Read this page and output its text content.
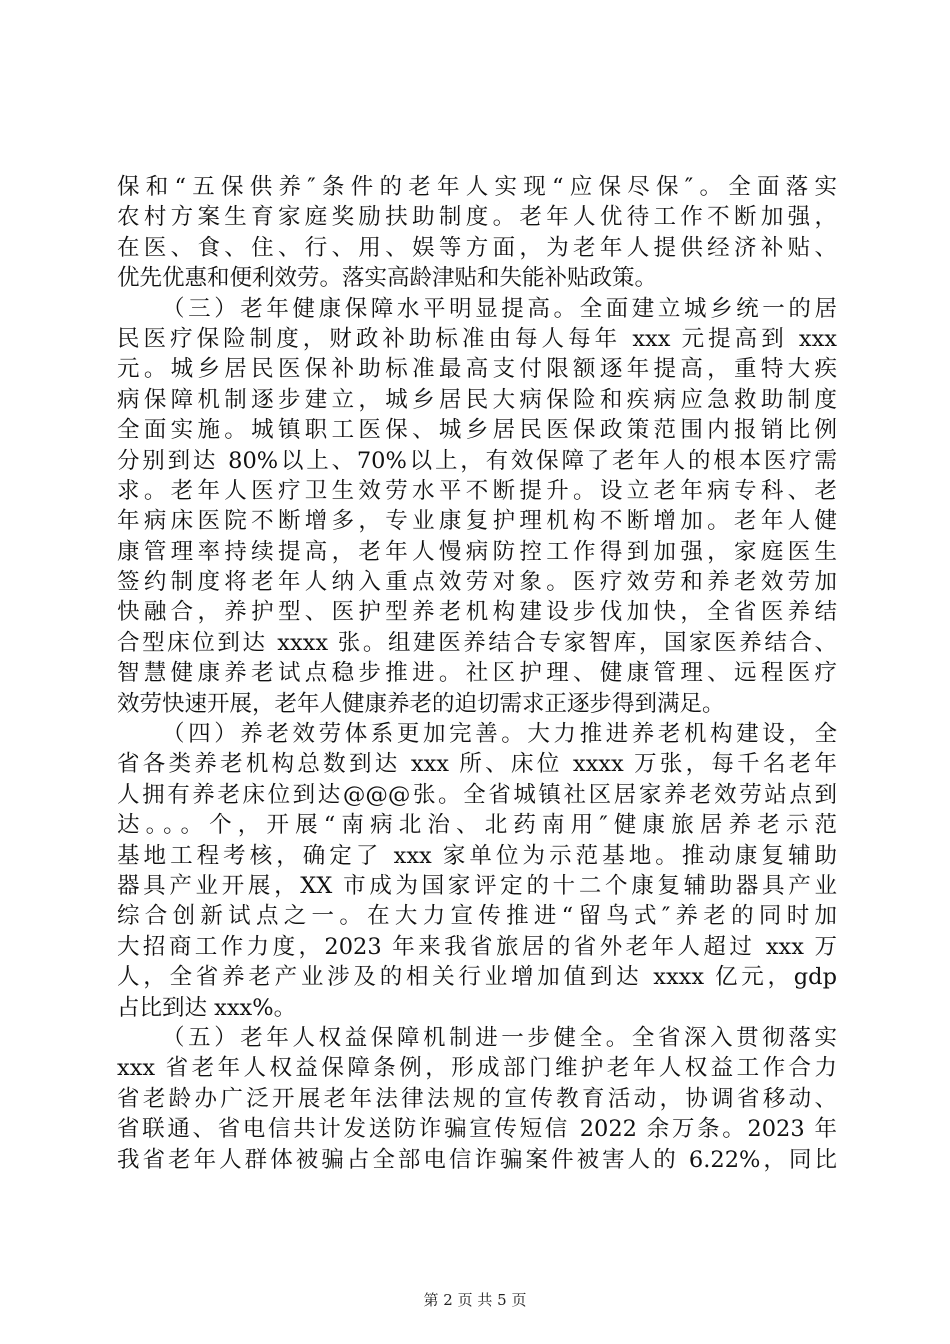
保和“五保供养″条件的老年人实现“应保尽保″。全面落实
农村方案生育家庭奖励扶助制度。老年人优待工作不断加强，
在医、食、住、行、用、娱等方面，为老年人提供经济补贴、
优先优惠和便利效劳。落实高龄津贴和失能补贴政策。
（三）老年健康保障水平明显提高。全面建立城乡统一的居
民医疗保险制度，财政补助标准由每人每年 xxx 元提高到 xxx
元。城乡居民医保补助标准最高支付限额逐年提高，重特大疾
病保障机制逐步建立，城乡居民大病保险和疾病应急救助制度
全面实施。城镇职工医保、城乡居民医保政策范围内报销比例
分别到达 80%以上、70%以上，有效保障了老年人的根本医疗需
求。老年人医疗卫生效劳水平不断提升。设立老年病专科、老
年病床医院不断增多，专业康复护理机构不断增加。老年人健
康管理率持续提高，老年人慢病防控工作得到加强，家庭医生
签约制度将老年人纳入重点效劳对象。医疗效劳和养老效劳加
快融合，养护型、医护型养老机构建设步伐加快，全省医养结
合型床位到达 xxxx 张。组建医养结合专家智库，国家医养结合、
智慧健康养老试点稳步推进。社区护理、健康管理、远程医疗
效劳快速开展，老年人健康养老的迫切需求正逐步得到满足。
（四）养老效劳体系更加完善。大力推进养老机构建设，全
省各类养老机构总数到达 xxx 所、床位 xxxx 万张，每千名老年
人拥有养老床位到达@@@张。全省城镇社区居家养老效劳站点到
达。。。个，开展“南病北治、北药南用″健康旅居养老示范
基地工程考核，确定了 xxx 家单位为示范基地。推动康复辅助
器具产业开展，XX 市成为国家评定的十二个康复辅助器具产业
综合创新试点之一。在大力宣传推进“留鸟式″养老的同时加
大招商工作力度，2023 年来我省旅居的省外老年人超过 xxx 万
人，全省养老产业涉及的相关行业增加值到达 xxxx 亿元，gdp
占比到达 xxx%。
（五）老年人权益保障机制进一步健全。全省深入贯彻落实
xxx 省老年人权益保障条例，形成部门维护老年人权益工作合力
省老龄办广泛开展老年法律法规的宣传教育活动，协调省移动、
省联通、省电信共计发送防诈骗宣传短信 2022 余万条。2023 年
我省老年人群体被骗占全部电信诈骗案件被害人的 6.22%，同比
第 2 页 共 5 页
